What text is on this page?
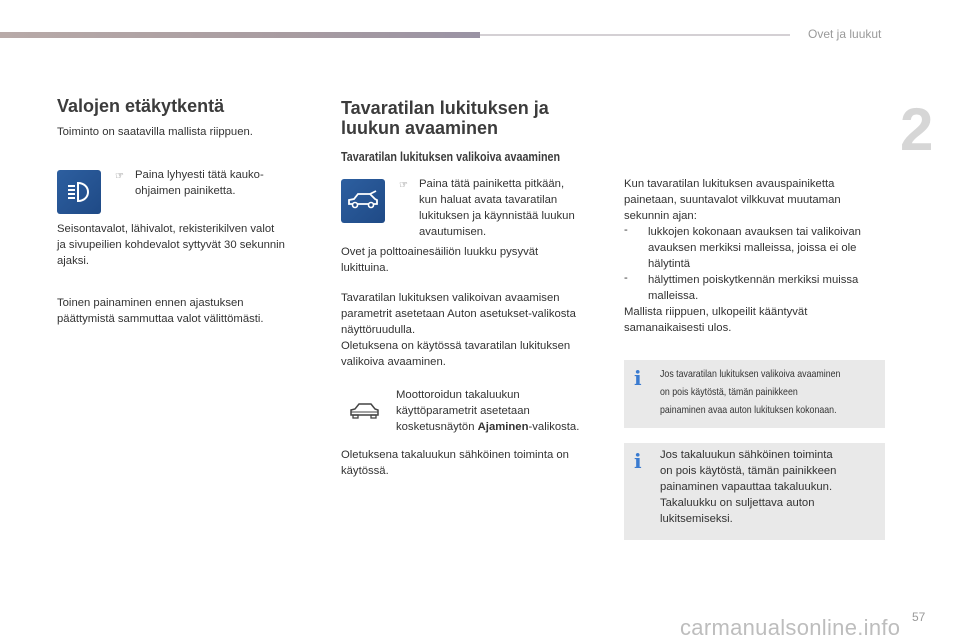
Ovet ja luukut
2
Valojen etäkytkentä

Toiminto on saatavilla mallista riippuen.

☞ Paina lyhyesti tätä kauko-

ohjaimen painiketta.

Seisontavalot, lähivalot, rekisterikilven valot

ja sivupeilien kohdevalot syttyvät 30 sekunnin

ajaksi.

Toinen painaminen ennen ajastuksen

päättymistä sammuttaa valot välittömästi.

Tavaratilan lukituksen ja
luukun avaaminen
Tavaratilan lukituksen valikoiva avaaminen
☞ Paina tätä painiketta pitkään,

kun haluat avata tavaratilan

lukituksen ja käynnistää luukun

avautumisen.

Ovet ja polttoainesäiliön luukku pysyvät

lukittuina.

Tavaratilan lukituksen valikoivan avaamisen

parametrit asetetaan Auton asetukset-valikosta

näyttöruudulla.

Oletuksena on käytössä tavaratilan lukituksen

valikoiva avaaminen.

Moottoroidun takaluukun

käyttöparametrit asetetaan

kosketusnäytön Ajaminen-valikosta.

Oletuksena takaluukun sähköinen toiminta on

käytössä.

Kun tavaratilan lukituksen avauspainiketta

painetaan, suuntavalot vilkkuvat muutaman

sekunnin ajan:

- lukkojen kokonaan avauksen tai valikoivan

avauksen merkiksi malleissa, joissa ei ole

hälytintä

- hälyttimen poiskytkennän merkiksi muissa

malleissa.

Mallista riippuen, ulkopeilit kääntyvät

samanaikaisesti ulos.

i Jos tavaratilan lukituksen valikoiva avaaminen
on pois käytöstä, tämän painikkeen
painaminen avaa auton lukituksen kokonaan.
i Jos takaluukun sähköinen toiminta

on pois käytöstä, tämän painikkeen

painaminen vapauttaa takaluukun.

Takaluukku on suljettava auton

lukitsemiseksi.

carmanualsonline.info 57
